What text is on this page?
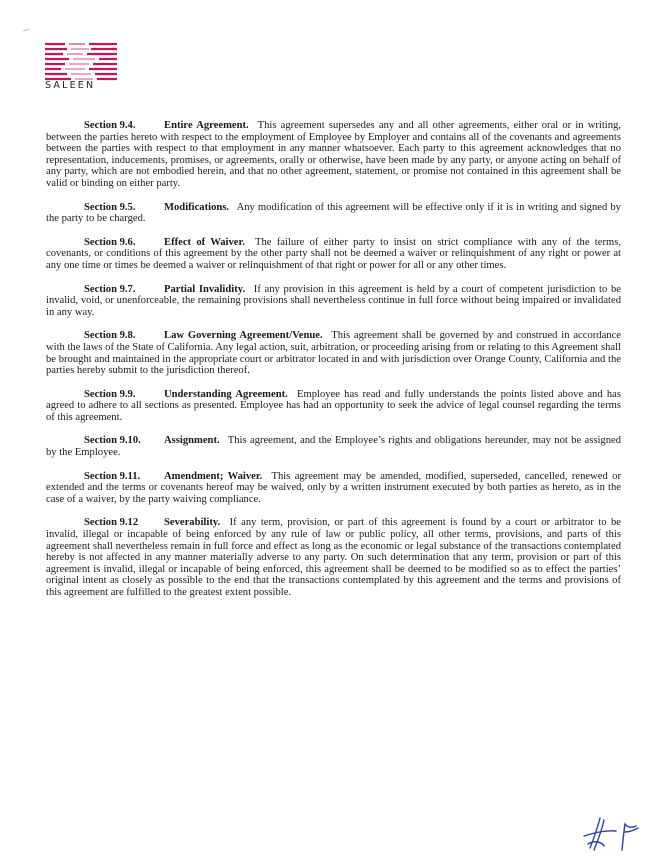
SALEEN

Section 9.4.	Entire Agreement. This agreement supersedes any and all other agreements, either oral or in writing, between the parties hereto with respect to the employment of Employee by Employer and contains all of the covenants and agreements between the parties with respect to that employment in any manner whatsoever. Each party to this agreement acknowledges that no representation, inducements, promises, or agreements, orally or otherwise, have been made by any party, or anyone acting on behalf of any party, which are not embodied herein, and that no other agreement, statement, or promise not contained in this agreement shall be valid or binding on either party.

Section 9.5.	Modifications. Any modification of this agreement will be effective only if it is in writing and signed by the party to be charged.

Section 9.6.	Effect of Waiver. The failure of either party to insist on strict compliance with any of the terms, covenants, or conditions of this agreement by the other party shall not be deemed a waiver or relinquishment of any right or power at any one time or times be deemed a waiver or relinquishment of that right or power for all or any other times.

Section 9.7.	Partial Invalidity. If any provision in this agreement is held by a court of competent jurisdiction to be invalid, void, or unenforceable, the remaining provisions shall nevertheless continue in full force without being impaired or invalidated in any way.

Section 9.8.	Law Governing Agreement/Venue. This agreement shall be governed by and construed in accordance with the laws of the State of California. Any legal action, suit, arbitration, or proceeding arising from or relating to this Agreement shall be brought and maintained in the appropriate court or arbitrator located in and with jurisdiction over Orange County, California and the parties hereby submit to the jurisdiction thereof.

Section 9.9.	Understanding Agreement. Employee has read and fully understands the points listed above and has agreed to adhere to all sections as presented. Employee has had an opportunity to seek the advice of legal counsel regarding the terms of this agreement.

Section 9.10. Assignment. This agreement, and the Employee’s rights and obligations hereunder, may not be assigned by the Employee.

Section 9.11. Amendment; Waiver. This agreement may be amended, modified, superseded, cancelled, renewed or extended and the terms or covenants hereof may be waived, only by a written instrument executed by both parties as hereto, as in the case of a waiver, by the party waiving compliance.

Section 9.12 Severability. If any term, provision, or part of this agreement is found by a court or arbitrator to be invalid, illegal or incapable of being enforced by any rule of law or public policy, all other terms, provisions, and parts of this agreement shall nevertheless remain in full force and effect as long as the economic or legal substance of the transactions contemplated hereby is not affected in any manner materially adverse to any party. On such determination that any term, provision or part of this agreement is invalid, illegal or incapable of being enforced, this agreement shall be deemed to be modified so as to effect the parties’ original intent as closely as possible to the end that the transactions contemplated by this agreement and the terms and provisions of this agreement are fulfilled to the greatest extent possible.
